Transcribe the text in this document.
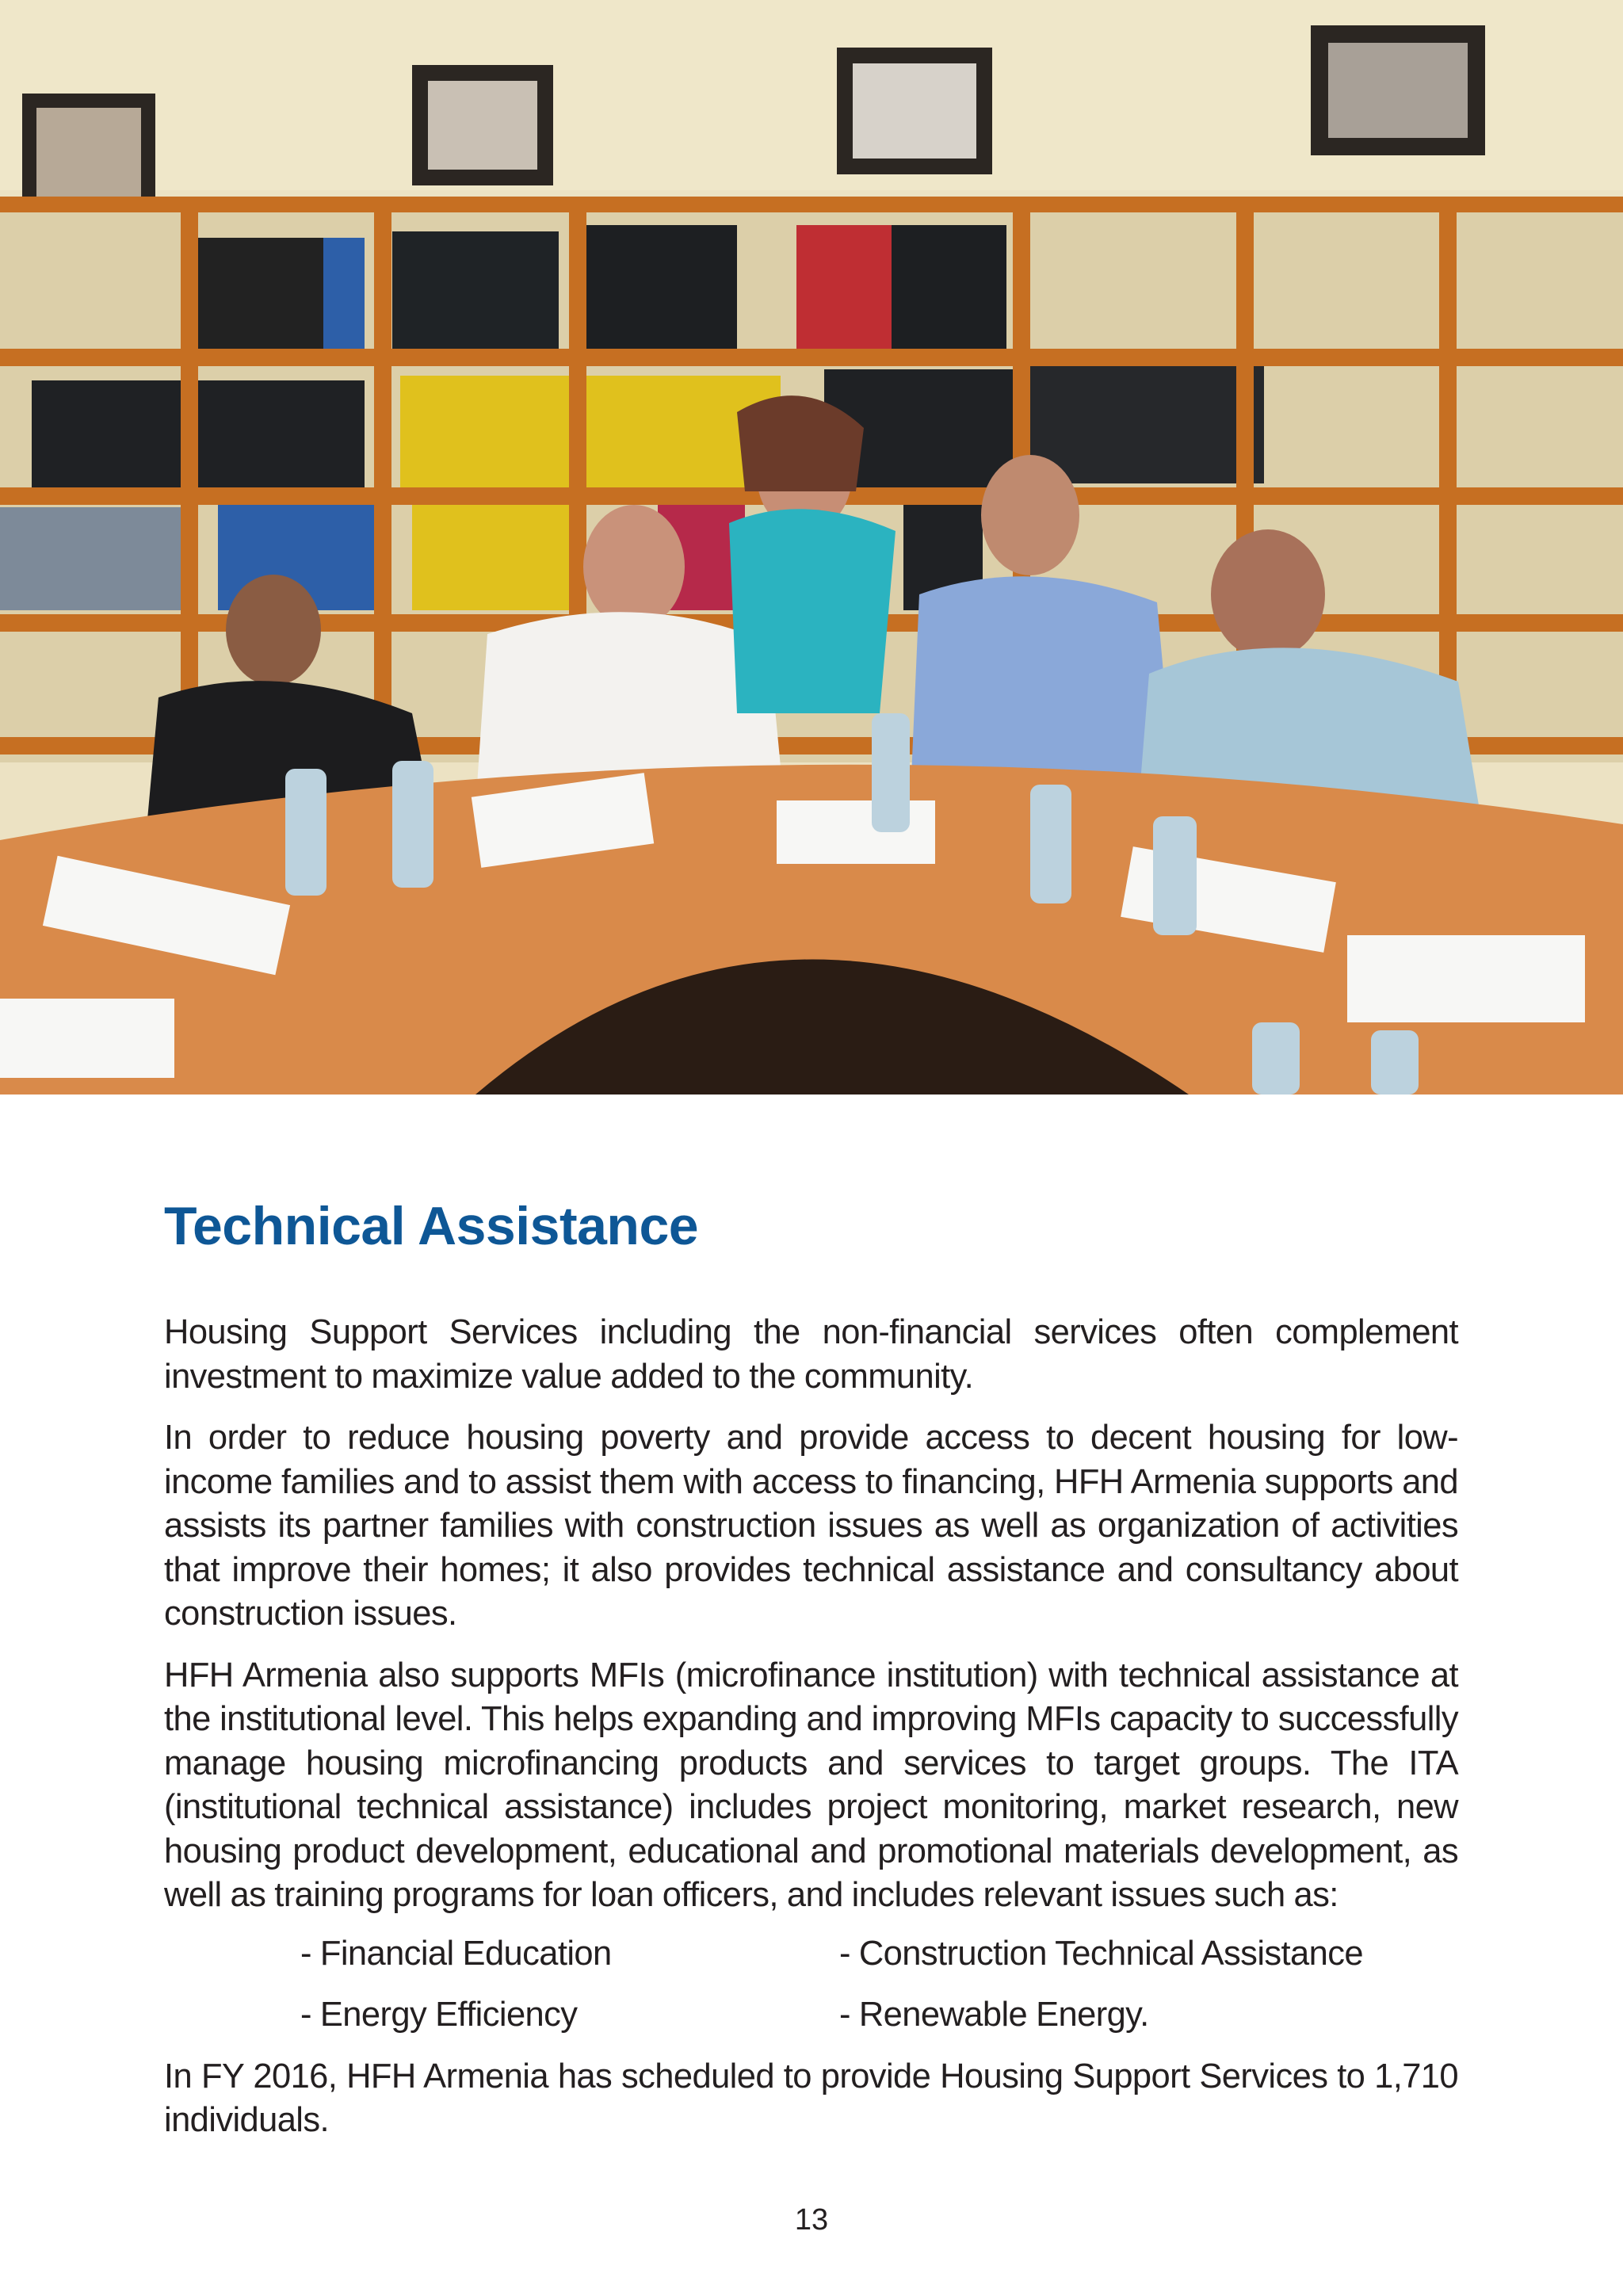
Technical Assistance

Housing Support Services including the non-financial services often complement investment to maximize value added to the community.

In order to reduce housing poverty and provide access to decent housing for low-income families and to assist them with access to financing, HFH Armenia supports and assists its partner families with construction issues as well as organization of activities that improve their homes; it also provides technical assistance and consultancy about construction issues.

HFH Armenia also supports MFIs (microfinance institution) with technical assistance at the institutional level. This helps expanding and improving MFIs capacity to successfully manage housing microfinancing products and services to target groups. The ITA (institutional technical assistance) includes project monitoring, market research, new housing product development, educational and promotional materials development, as well as training programs for loan officers, and includes relevant issues such as:

- Financial Education	- Construction Technical Assistance
- Energy Efficiency	- Renewable Energy.

In FY 2016, HFH Armenia has scheduled to provide Housing Support Services to 1,710 individuals.

13
